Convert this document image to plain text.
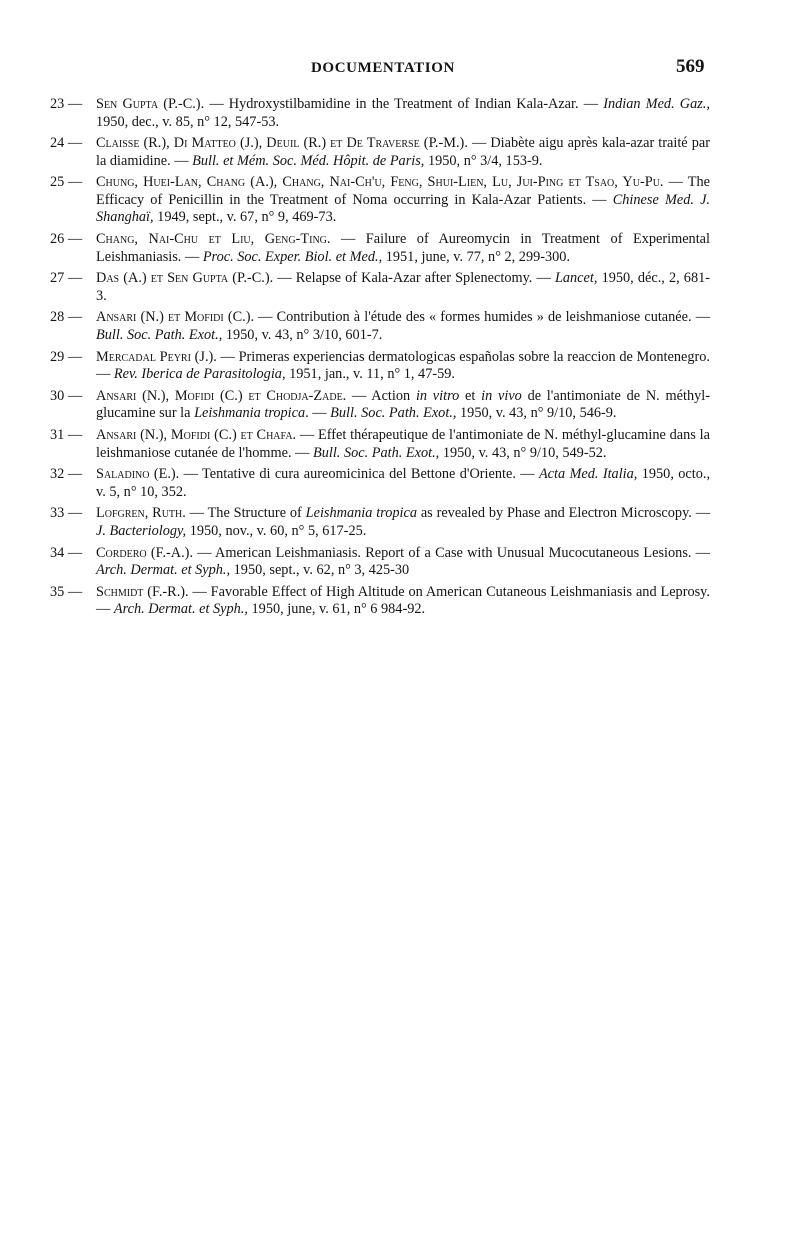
DOCUMENTATION	569
23 — Sen Gupta (P.-C.). — Hydroxystilbamidine in the Treatment of Indian Kala-Azar. — Indian Med. Gaz., 1950, dec., v. 85, n° 12, 547-53.
24 — Claisse (R.), Di Matteo (J.), Deuil (R.) et De Traverse (P.-M.). — Diabète aigu après kala-azar traité par la diamidine. — Bull. et Mém. Soc. Méd. Hôpit. de Paris, 1950, n° 3/4, 153-9.
25 — Chung, Huei-Lan, Chang (A.), Chang, Nai-Ch'u, Feng, Shui-Lien, Lu, Jui-Ping et Tsao, Yu-Pu. — The Efficacy of Penicillin in the Treatment of Noma occurring in Kala-Azar Patients. — Chinese Med. J. Shanghaï, 1949, sept., v. 67, n° 9, 469-73.
26 — Chang, Nai-Chu et Liu, Geng-Ting. — Failure of Aureomycin in Treatment of Experimental Leishmaniasis. — Proc. Soc. Exper. Biol. et Med., 1951, june, v. 77, n° 2, 299-300.
27 — Das (A.) et Sen Gupta (P.-C.). — Relapse of Kala-Azar after Splenectomy. — Lancet, 1950, déc., 2, 681-3.
28 — Ansari (N.) et Mofidi (C.). — Contribution à l'étude des « formes humides » de leishmaniose cutanée. — Bull. Soc. Path. Exot., 1950, v. 43, n° 3/10, 601-7.
29 — Mercadal Peyri (J.). — Primeras experiencias dermatologicas españolas sobre la reaccion de Montenegro. — Rev. Iberica de Parasitologia, 1951, jan., v. 11, n° 1, 47-59.
30 — Ansari (N.), Mofidi (C.) et Chodja-Zade. — Action in vitro et in vivo de l'antimoniate de N. méthyl-glucamine sur la Leishmania tropica. — Bull. Soc. Path. Exot., 1950, v. 43, n° 9/10, 546-9.
31 — Ansari (N.), Mofidi (C.) et Chafa. — Effet thérapeutique de l'antimoniate de N. méthyl-glucamine dans la leishmaniose cutanée de l'homme. — Bull. Soc. Path. Exot., 1950, v. 43, n° 9/10, 549-52.
32 — Saladino (E.). — Tentative di cura aureomicinica del Bettone d'Oriente. — Acta Med. Italia, 1950, octo., v. 5, n° 10, 352.
33 — Lofgren, Ruth. — The Structure of Leishmania tropica as revealed by Phase and Electron Microscopy. — J. Bacteriology, 1950, nov., v. 60, n° 5, 617-25.
34 — Cordero (F.-A.). — American Leishmaniasis. Report of a Case with Unusual Mucocutaneous Lesions. — Arch. Dermat. et Syph., 1950, sept., v. 62, n° 3, 425-30
35 — Schmidt (F.-R.). — Favorable Effect of High Altitude on American Cutaneous Leishmaniasis and Leprosy. — Arch. Dermat. et Syph., 1950, june, v. 61, n° 6 984-92.
